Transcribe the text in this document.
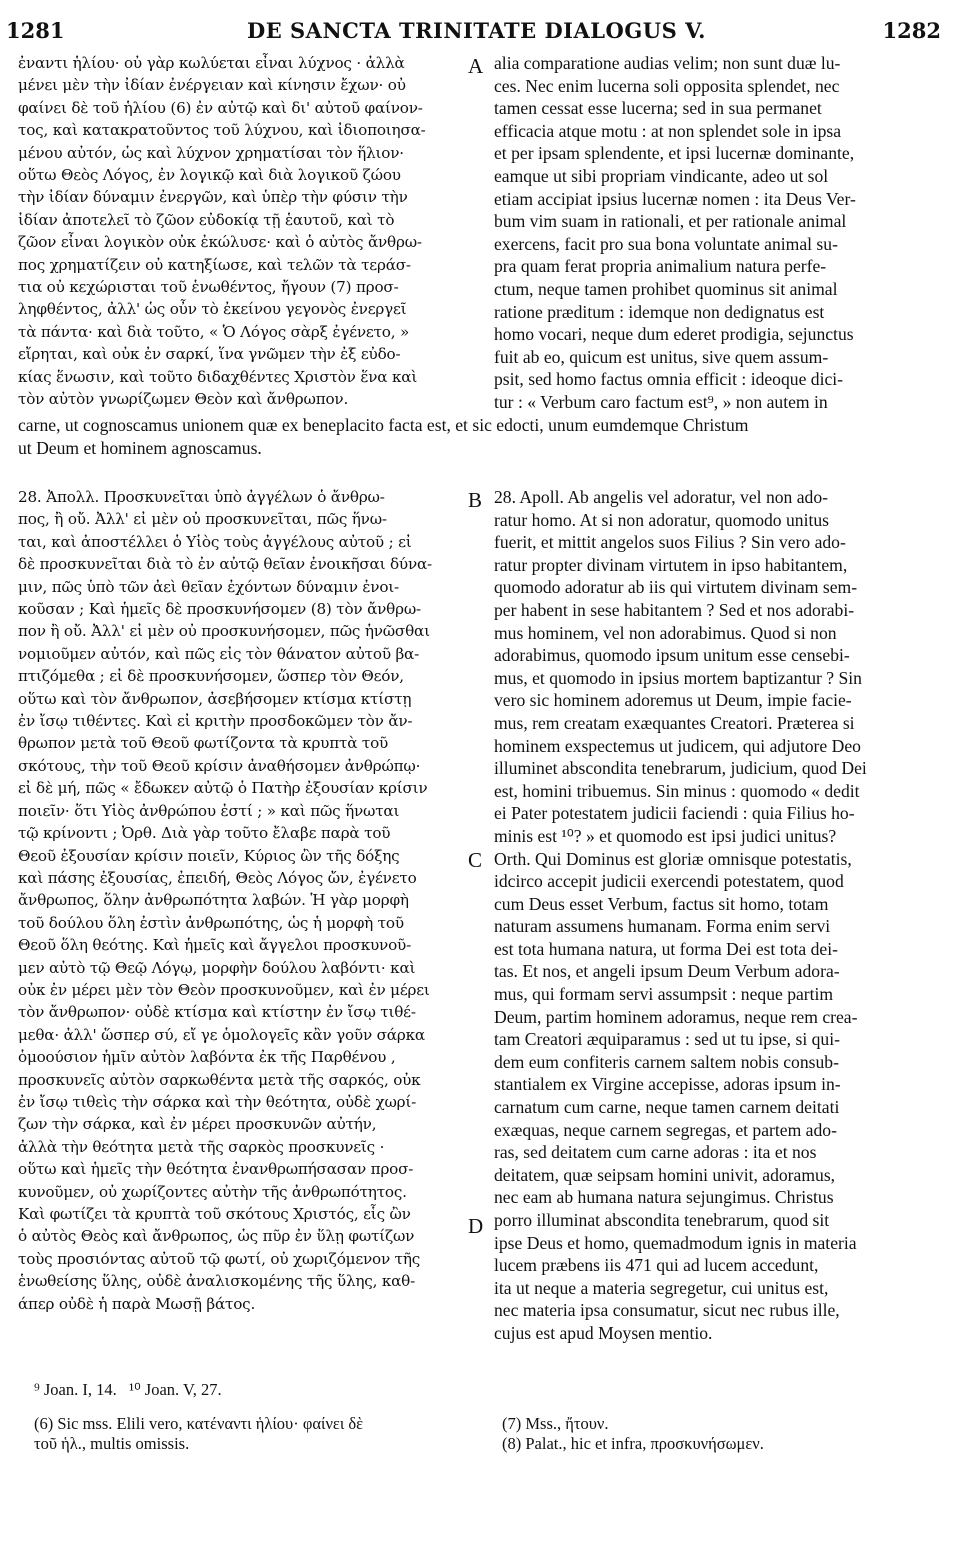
1281	DE SANCTA TRINITATE DIALOGUS V.	1282
ἐναντι ἡλίου· οὐ γὰρ κωλύεται εἶναι λύχνος · ἀλλὰ
μένει μὲν τὴν ἰδίαν ἐνέργειαν καὶ κίνησιν ἔχων· οὐ
φαίνει δὲ τοῦ ἡλίου (6) ἐν αὐτῷ καὶ δι' αὐτοῦ φαίνον-
τος, καὶ κατακρατοῦντος τοῦ λύχνου, καὶ ἰδιοποιησα-
μένου αὐτόν, ὡς καὶ λύχνον χρηματίσαι τὸν ἥλιον·
οὕτω Θεὸς Λόγος, ἐν λογικῷ καὶ διὰ λογικοῦ ζώου
τὴν ἰδίαν δύναμιν ἐνεργῶν, καὶ ὑπὲρ τὴν φύσιν τὴν
ἰδίαν ἀποτελεῖ τὸ ζῶον εὐδοκίᾳ τῇ ἑαυτοῦ, καὶ τὸ
ζῶον εἶναι λογικὸν οὐκ ἐκώλυσε· καὶ ὁ αὐτὸς ἄνθρω-
πος χρηματίζειν οὐ κατηξίωσε, καὶ τελῶν τὰ τεράσ-
τια οὐ κεχώρισται τοῦ ἑνωθέντος, ἤγουν (7) προσ-
ληφθέντος, ἀλλ' ὡς οὖν τὸ ἐκείνου γεγονὸς ἐνεργεῖ
τὰ πάντα· καὶ διὰ τοῦτο, « Ὁ Λόγος σὰρξ ἐγένετο, »
εἴρηται, καὶ οὐκ ἐν σαρκί, ἵνα γνῶμεν τὴν ἐξ εὐδο-
κίας ἕνωσιν, καὶ τοῦτο διδαχθέντες Χριστὸν ἕνα καὶ
τὸν αὐτὸν γνωρίζωμεν Θεὸν καὶ ἄνθρωπον.
A alia comparatione audias velim; non sunt duæ lu-
ces. Nec enim lucerna soli opposita splendet, nec
tamen cessat esse lucerna; sed in sua permanet
efficacia atque motu : at non splendet sole in ipsa
et per ipsam splendente, et ipsi lucernæ dominante,
eamque ut sibi propriam vindicante, adeo ut sol
etiam accipiat ipsius lucernæ nomen : ita Deus Ver-
bum vim suam in rationali, et per rationale animal
exercens, facit pro sua bona voluntate animal su-
pra quam ferat propria animalium natura perfe-
ctum, neque tamen prohibet quominus sit animal
ratione præditum : idemque non dedignatus est
homo vocari, neque dum ederet prodigia, sejunctus
fuit ab eo, quicum est unitus, sive quem assum-
psit, sed homo factus omnia efficit : ideoque dici-
tur : « Verbum caro factum est⁹, » non autem in
carne, ut cognoscamus unionem quæ ex beneplacito facta est, et sic edocti, unum eumdemque Christum
ut Deum et hominem agnoscamus.
28. Ἀπολλ. Προσκυνεῖται ὑπὸ ἀγγέλων ὁ ἄνθρω-
πος, ἢ οὔ. Ἀλλ' εἰ μὲν οὐ προσκυνεῖται, πῶς ἥνω-
ται, καὶ ἀποστέλλει ὁ Υἱὸς τοὺς ἀγγέλους αὐτοῦ ; εἰ
δὲ προσκυνεῖται διὰ τὸ ἐν αὐτῷ θεῖαν ἐνοικῆσαι δύνα-
μιν, πῶς ὑπὸ τῶν ἀεὶ θεῖαν ἐχόντων δύναμιν ἐνοι-
κοῦσαν ; Καὶ ἡμεῖς δὲ προσκυνήσομεν (8) τὸν ἄνθρω-
πον ἢ οὔ. Ἀλλ' εἰ μὲν οὐ προσκυνήσομεν, πῶς ἡνῶσθαι
νομιοῦμεν αὐτόν, καὶ πῶς εἰς τὸν θάνατον αὐτοῦ βα-
πτιζόμεθα ; εἰ δὲ προσκυνήσομεν, ὥσπερ τὸν Θεόν,
οὕτω καὶ τὸν ἄνθρωπον, ἀσεβήσομεν κτίσμα κτίστῃ
ἐν ἴσῳ τιθέντες. Καὶ εἰ κριτὴν προσδοκῶμεν τὸν ἄν-
θρωπον μετὰ τοῦ Θεοῦ φωτίζοντα τὰ κρυπτὰ τοῦ
σκότους, τὴν τοῦ Θεοῦ κρίσιν ἀναθήσομεν ἀνθρώπῳ·
εἰ δὲ μή, πῶς « ἔδωκεν αὐτῷ ὁ Πατὴρ ἐξουσίαν κρίσιν
ποιεῖν· ὅτι Υἱὸς ἀνθρώπου ἐστί ; » καὶ πῶς ἥνωται
τῷ κρίνοντι ; Ὀρθ. Διὰ γὰρ τοῦτο ἔλαβε παρὰ τοῦ
Θεοῦ ἐξουσίαν κρίσιν ποιεῖν, Κύριος ὢν τῆς δόξης
καὶ πάσης ἐξουσίας, ἐπειδή, Θεὸς Λόγος ὤν, ἐγένετο
ἄνθρωπος, ὅλην ἀνθρωπότητα λαβών. Ἡ γὰρ μορφὴ
τοῦ δούλου ὅλη ἐστὶν ἀνθρωπότης, ὡς ἡ μορφὴ τοῦ
Θεοῦ ὅλη θεότης. Καὶ ἡμεῖς καὶ ἄγγελοι προσκυνοῦ-
μεν αὐτὸ τῷ Θεῷ Λόγῳ, μορφὴν δούλου λαβόντι· καὶ
οὐκ ἐν μέρει μὲν τὸν Θεὸν προσκυνοῦμεν, καὶ ἐν μέρει
τὸν ἄνθρωπον· οὐδὲ κτίσμα καὶ κτίστην ἐν ἴσῳ τιθέ-
μεθα· ἀλλ' ὥσπερ σύ, εἴ γε ὁμολογεῖς κἂν γοῦν σάρκα
ὁμοούσιον ἡμῖν αὐτὸν λαβόντα ἐκ τῆς Παρθένου ,
προσκυνεῖς αὐτὸν σαρκωθέντα μετὰ τῆς σαρκός, οὐκ
ἐν ἴσῳ τιθεὶς τὴν σάρκα καὶ τὴν θεότητα, οὐδὲ χωρί-
ζων τὴν σάρκα, καὶ ἐν μέρει προσκυνῶν αὐτήν,
ἀλλὰ τὴν θεότητα μετὰ τῆς σαρκὸς προσκυνεῖς ·
οὕτω καὶ ἡμεῖς τὴν θεότητα ἐνανθρωπήσασαν προσ-
κυνοῦμεν, οὐ χωρίζοντες αὐτὴν τῆς ἀνθρωπότητος.
Καὶ φωτίζει τὰ κρυπτὰ τοῦ σκότους Χριστός, εἷς ὢν
ὁ αὐτὸς Θεὸς καὶ ἄνθρωπος, ὡς πῦρ ἐν ὕλῃ φωτίζων
τοὺς προσιόντας αὐτοῦ τῷ φωτί, οὐ χωριζόμενον τῆς
ἑνωθείσης ὕλης, οὐδὲ ἀναλισκομένης τῆς ὕλης, καθ-
άπερ οὐδὲ ἡ παρὰ Μωσῇ βάτος.
B
C
D
28. Apoll. Ab angelis vel adoratur, vel non ado-
ratur homo. At si non adoratur, quomodo unitus
fuerit, et mittit angelos suos Filius ? Sin vero ado-
ratur propter divinam virtutem in ipso habitantem,
quomodo adoratur ab iis qui virtutem divinam sem-
per habent in sese habitantem ? Sed et nos adorabi-
mus hominem, vel non adorabimus. Quod si non
adorabimus, quomodo ipsum unitum esse censebi-
mus, et quomodo in ipsius mortem baptizantur ? Sin
vero sic hominem adoremus ut Deum, impie facie-
mus, rem creatam exæquantes Creatori. Præterea si
hominem exspectemus ut judicem, qui adjutore Deo
illuminet abscondita tenebrarum, judicium, quod Dei
est, homini tribuemus. Sin minus : quomodo « dedit
ei Pater potestatem judicii faciendi : quia Filius ho-
minis est ¹⁰? » et quomodo est ipsi judici unitus?
Orth. Qui Dominus est gloriæ omnisque potestatis,
idcirco accepit judicii exercendi potestatem, quod
cum Deus esset Verbum, factus sit homo, totam
naturam assumens humanam. Forma enim servi
est tota humana natura, ut forma Dei est tota dei-
tas. Et nos, et angeli ipsum Deum Verbum adora-
mus, qui formam servi assumpsit : neque partim
Deum, partim hominem adoramus, neque rem crea-
tam Creatori æquiparamus : sed ut tu ipse, si qui-
dem eum confiteris carnem saltem nobis consub-
stantialem ex Virgine accepisse, adoras ipsum in-
carnatum cum carne, neque tamen carnem deitati
exæquas, neque carnem segregas, et partem ado-
ras, sed deitatem cum carne adoras : ita et nos
deitatem, quæ seipsam homini univit, adoramus,
nec eam ab humana natura sejungimus. Christus
porro illuminat abscondita tenebrarum, quod sit
ipse Deus et homo, quemadmodum ignis in materia
lucem præbens iis 471 qui ad lucem accedunt,
ita ut neque a materia segregetur, cui unitus est,
nec materia ipsa consumatur, sicut nec rubus ille,
cujus est apud Moysen mentio.
⁹ Joan. I, 14.   ¹⁰ Joan. V, 27.
(6) Sic mss. Elili vero, κατέναντι ἡλίου· φαίνει δὲ
τοῦ ἡλ., multis omissis.
(7) Mss., ἤτουν.
(8) Palat., hic et infra, προσκυνήσωμεν.
